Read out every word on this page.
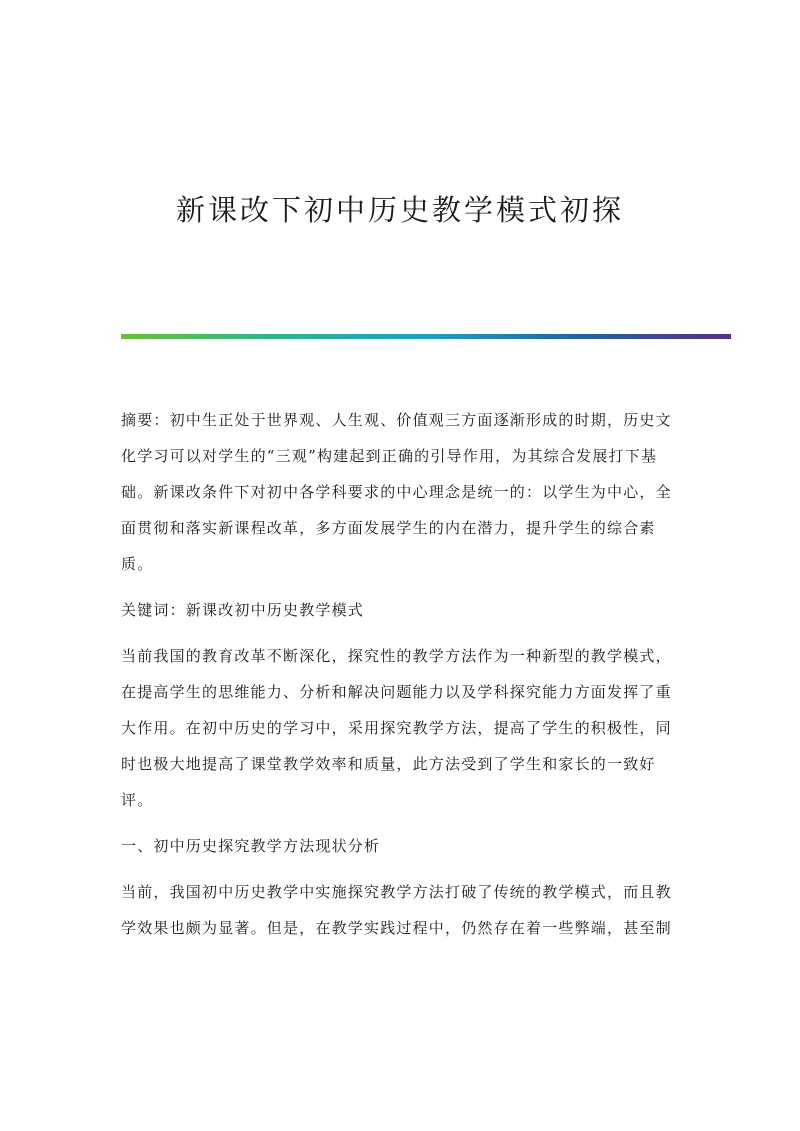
新课改下初中历史教学模式初探
摘要：初中生正处于世界观、人生观、价值观三方面逐渐形成的时期，历史文
化学习可以对学生的“三观”构建起到正确的引导作用，为其综合发展打下基
础。新课改条件下对初中各学科要求的中心理念是统一的：以学生为中心，全
面贯彻和落实新课程改革，多方面发展学生的内在潜力，提升学生的综合素
质。
关键词：新课改初中历史教学模式
当前我国的教育改革不断深化，探究性的教学方法作为一种新型的教学模式，
在提高学生的思维能力、分析和解决问题能力以及学科探究能力方面发挥了重
大作用。在初中历史的学习中，采用探究教学方法，提高了学生的积极性，同
时也极大地提高了课堂教学效率和质量，此方法受到了学生和家长的一致好
评。
一、初中历史探究教学方法现状分析
当前，我国初中历史教学中实施探究教学方法打破了传统的教学模式，而且教
学效果也颇为显著。但是，在教学实践过程中，仍然存在着一些弊端，甚至制
